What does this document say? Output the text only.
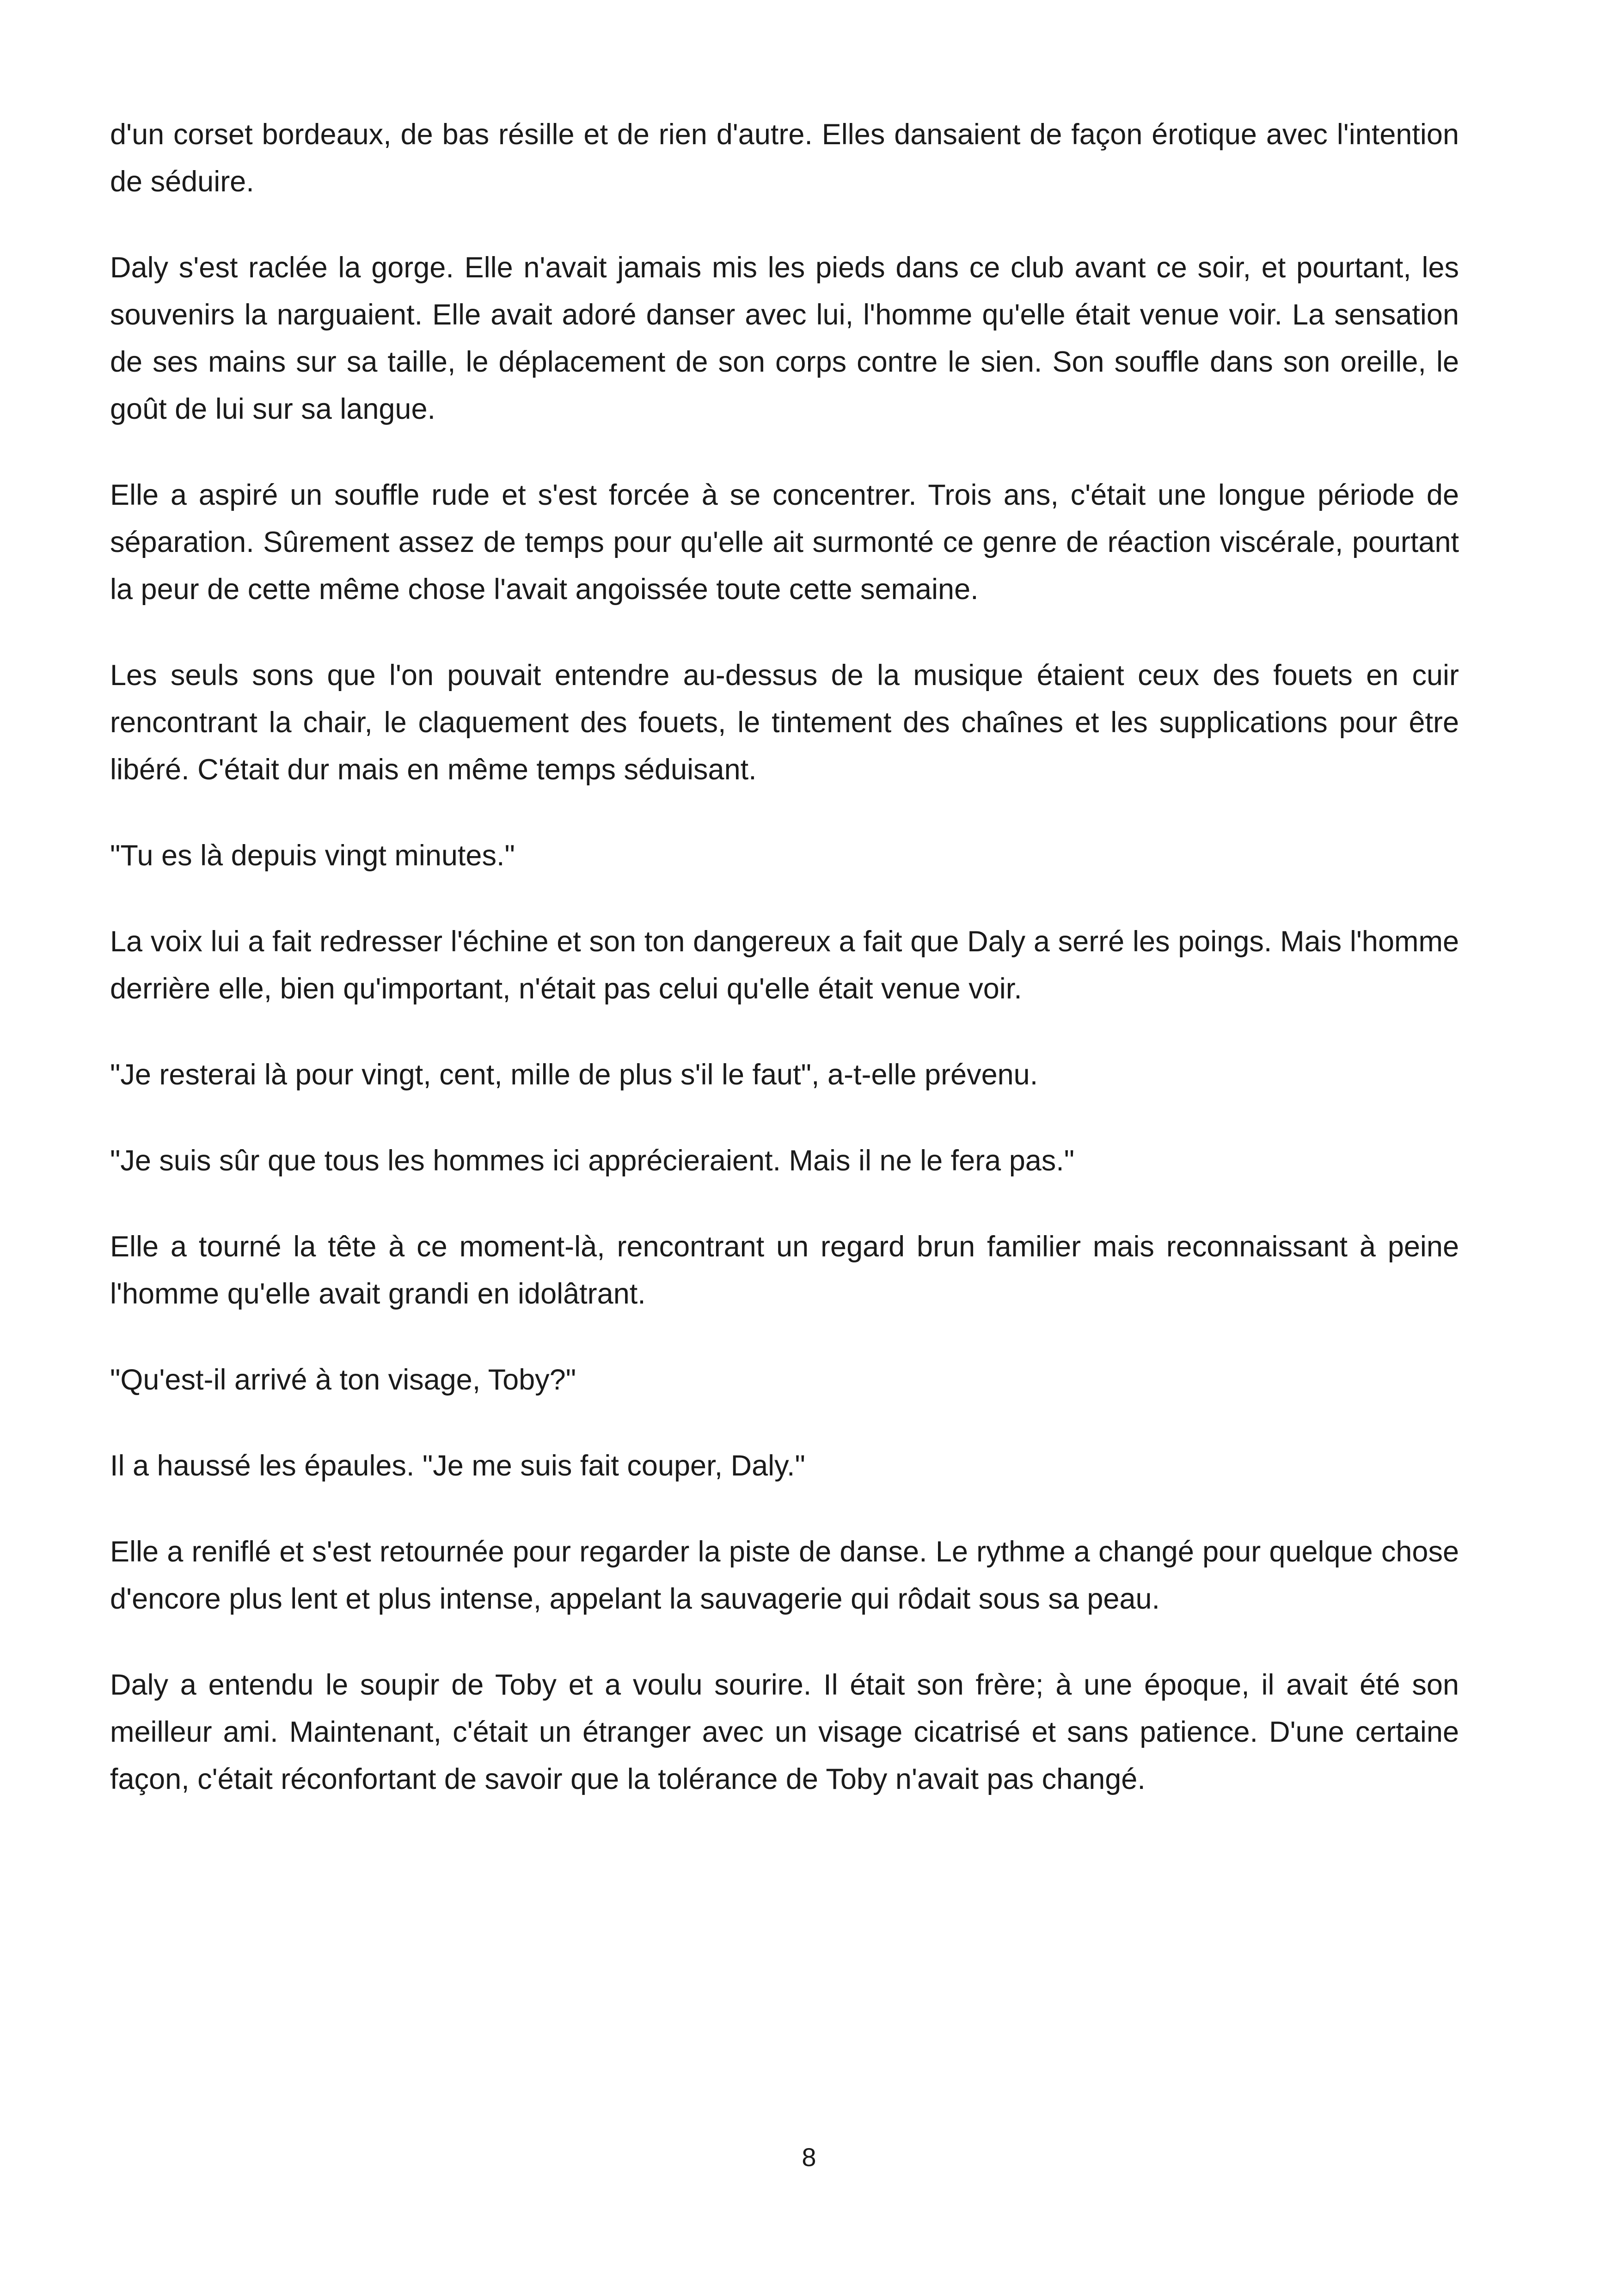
d'un corset bordeaux, de bas résille et de rien d'autre. Elles dansaient de façon érotique avec l'intention de séduire.

Daly s'est raclée la gorge. Elle n'avait jamais mis les pieds dans ce club avant ce soir, et pourtant, les souvenirs la narguaient. Elle avait adoré danser avec lui, l'homme qu'elle était venue voir. La sensation de ses mains sur sa taille, le déplacement de son corps contre le sien. Son souffle dans son oreille, le goût de lui sur sa langue.

Elle a aspiré un souffle rude et s'est forcée à se concentrer. Trois ans, c'était une longue période de séparation. Sûrement assez de temps pour qu'elle ait surmonté ce genre de réaction viscérale, pourtant la peur de cette même chose l'avait angoissée toute cette semaine.

Les seuls sons que l'on pouvait entendre au-dessus de la musique étaient ceux des fouets en cuir rencontrant la chair, le claquement des fouets, le tintement des chaînes et les supplications pour être libéré. C'était dur mais en même temps séduisant.

"Tu es là depuis vingt minutes."

La voix lui a fait redresser l'échine et son ton dangereux a fait que Daly a serré les poings. Mais l'homme derrière elle, bien qu'important, n'était pas celui qu'elle était venue voir.

"Je resterai là pour vingt, cent, mille de plus s'il le faut", a-t-elle prévenu.

"Je suis sûr que tous les hommes ici apprécieraient. Mais il ne le fera pas."

Elle a tourné la tête à ce moment-là, rencontrant un regard brun familier mais reconnaissant à peine l'homme qu'elle avait grandi en idolâtrant.

"Qu'est-il arrivé à ton visage, Toby?"

Il a haussé les épaules. "Je me suis fait couper, Daly."

Elle a reniflé et s'est retournée pour regarder la piste de danse. Le rythme a changé pour quelque chose d'encore plus lent et plus intense, appelant la sauvagerie qui rôdait sous sa peau.

Daly a entendu le soupir de Toby et a voulu sourire. Il était son frère; à une époque, il avait été son meilleur ami. Maintenant, c'était un étranger avec un visage cicatrisé et sans patience. D'une certaine façon, c'était réconfortant de savoir que la tolérance de Toby n'avait pas changé.

8
